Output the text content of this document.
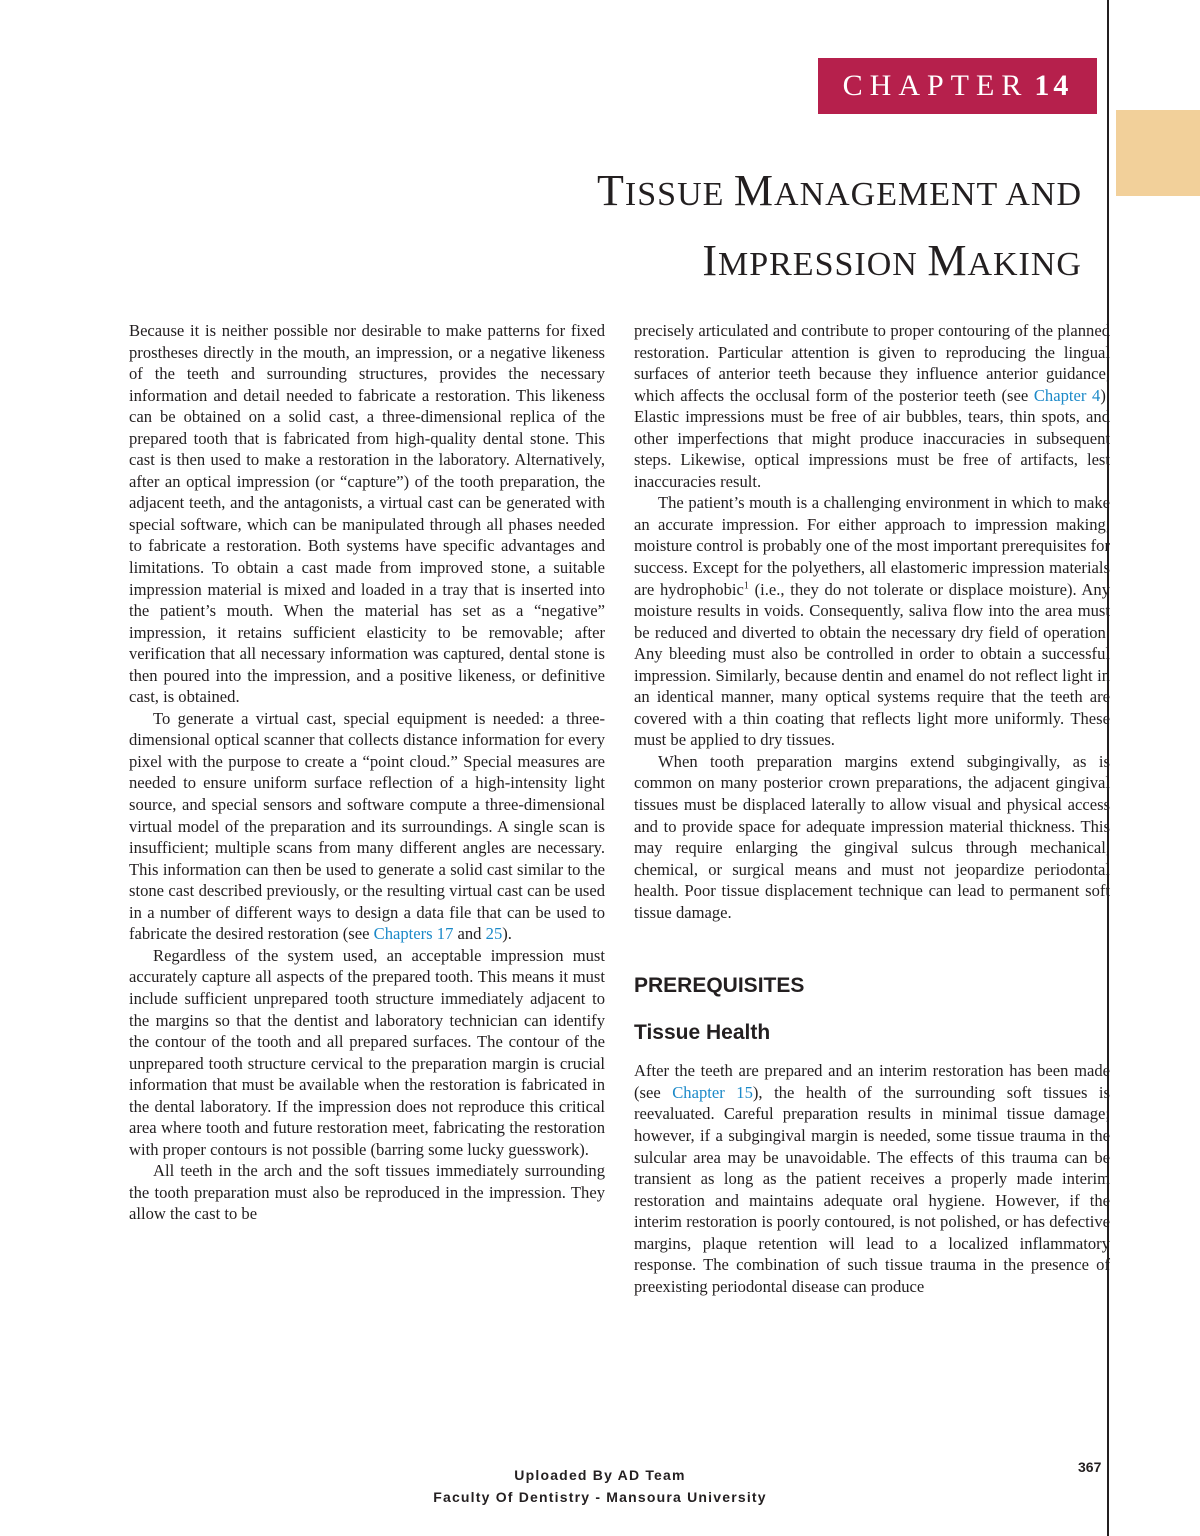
CHAPTER 14
TISSUE MANAGEMENT AND
IMPRESSION MAKING

Because it is neither possible nor desirable to make patterns for fixed prostheses directly in the mouth, an impression, or a negative likeness of the teeth and surrounding structures, provides the necessary information and detail needed to fabricate a restoration. This likeness can be obtained on a solid cast, a three-dimensional replica of the prepared tooth that is fabricated from high-quality dental stone. This cast is then used to make a restoration in the laboratory. Alternatively, after an optical impression (or “capture”) of the tooth preparation, the adjacent teeth, and the antagonists, a virtual cast can be generated with special software, which can be manipulated through all phases needed to fabricate a restoration. Both systems have specific advantages and limitations. To obtain a cast made from improved stone, a suitable impression material is mixed and loaded in a tray that is inserted into the patient’s mouth. When the material has set as a “negative” impression, it retains sufficient elasticity to be removable; after verification that all necessary information was captured, dental stone is then poured into the impression, and a positive likeness, or definitive cast, is obtained.

To generate a virtual cast, special equipment is needed: a three-dimensional optical scanner that collects distance information for every pixel with the purpose to create a “point cloud.” Special measures are needed to ensure uniform surface reflection of a high-intensity light source, and special sensors and software compute a three-dimensional virtual model of the preparation and its surroundings. A single scan is insufficient; multiple scans from many different angles are necessary. This information can then be used to generate a solid cast similar to the stone cast described previously, or the resulting virtual cast can be used in a number of different ways to design a data file that can be used to fabricate the desired restoration (see Chapters 17 and 25).

Regardless of the system used, an acceptable impression must accurately capture all aspects of the prepared tooth. This means it must include sufficient unprepared tooth structure immediately adjacent to the margins so that the dentist and laboratory technician can identify the contour of the tooth and all prepared surfaces. The contour of the unprepared tooth structure cervical to the preparation margin is crucial information that must be available when the restoration is fabricated in the dental laboratory. If the impression does not reproduce this critical area where tooth and future restoration meet, fabricating the restoration with proper contours is not possible (barring some lucky guesswork).

All teeth in the arch and the soft tissues immediately surrounding the tooth preparation must also be reproduced in the impression. They allow the cast to be

precisely articulated and contribute to proper contouring of the planned restoration. Particular attention is given to reproducing the lingual surfaces of anterior teeth because they influence anterior guidance, which affects the occlusal form of the posterior teeth (see Chapter 4). Elastic impressions must be free of air bubbles, tears, thin spots, and other imperfections that might produce inaccuracies in subsequent steps. Likewise, optical impressions must be free of artifacts, lest inaccuracies result.

The patient’s mouth is a challenging environment in which to make an accurate impression. For either approach to impression making, moisture control is probably one of the most important prerequisites for success. Except for the polyethers, all elastomeric impression materials are hydrophobic$^1$ (i.e., they do not tolerate or displace moisture). Any moisture results in voids. Consequently, saliva flow into the area must be reduced and diverted to obtain the necessary dry field of operation. Any bleeding must also be controlled in order to obtain a successful impression. Similarly, because dentin and enamel do not reflect light in an identical manner, many optical systems require that the teeth are covered with a thin coating that reflects light more uniformly. These must be applied to dry tissues.

When tooth preparation margins extend subgingivally, as is common on many posterior crown preparations, the adjacent gingival tissues must be displaced laterally to allow visual and physical access and to provide space for adequate impression material thickness. This may require enlarging the gingival sulcus through mechanical, chemical, or surgical means and must not jeopardize periodontal health. Poor tissue displacement technique can lead to permanent soft tissue damage.

PREREQUISITES
Tissue Health

After the teeth are prepared and an interim restoration has been made (see Chapter 15), the health of the surrounding soft tissues is reevaluated. Careful preparation results in minimal tissue damage; however, if a subgingival margin is needed, some tissue trauma in the sulcular area may be unavoidable. The effects of this trauma can be transient as long as the patient receives a properly made interim restoration and maintains adequate oral hygiene. However, if the interim restoration is poorly contoured, is not polished, or has defective margins, plaque retention will lead to a localized inflammatory response. The combination of such tissue trauma in the presence of preexisting periodontal disease can produce

367
Uploaded By AD Team
Faculty Of Dentistry - Mansoura University
